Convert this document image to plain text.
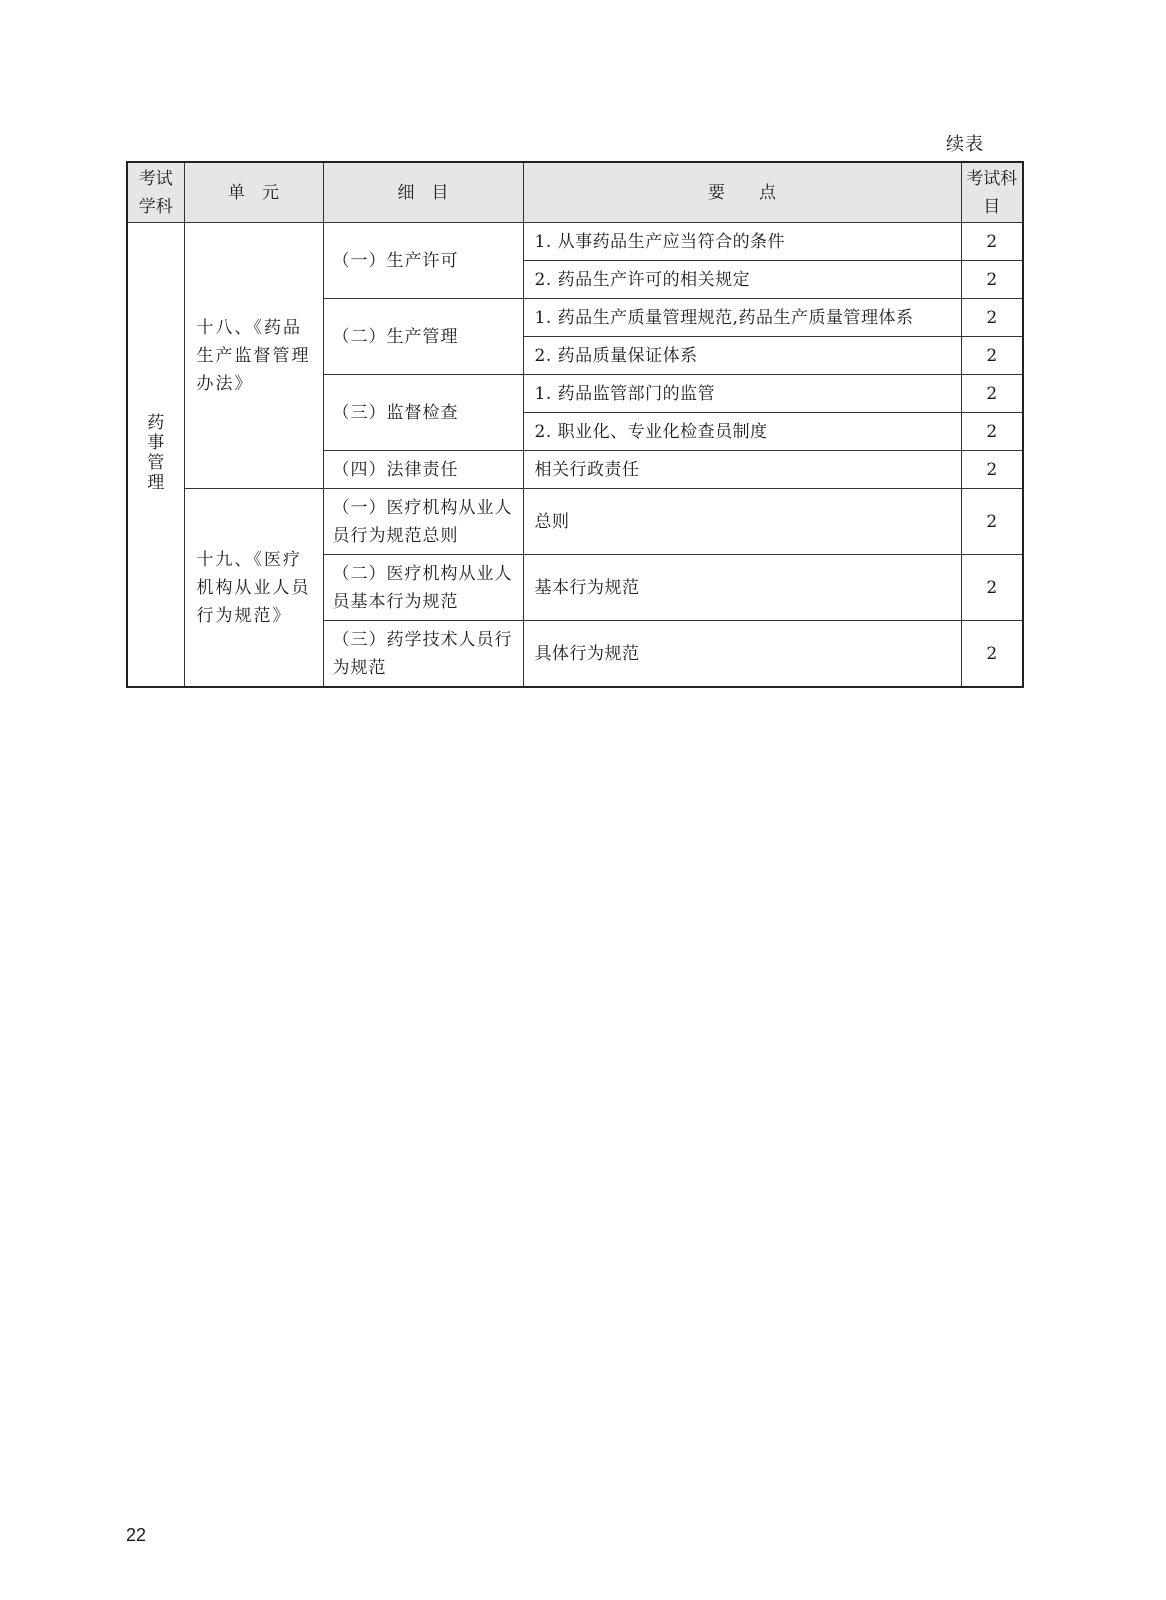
续表
考试学科	单　元	细　目	要　　点	考试科目
药事管理	十八、《药品生产监督管理办法》	（一）生产许可	1. 从事药品生产应当符合的条件	2
			2. 药品生产许可的相关规定	2
		（二）生产管理	1. 药品生产质量管理规范,药品生产质量管理体系	2
			2. 药品质量保证体系	2
		（三）监督检查	1. 药品监管部门的监管	2
			2. 职业化、专业化检查员制度	2
		（四）法律责任	相关行政责任	2
	十九、《医疗机构从业人员行为规范》	（一）医疗机构从业人员行为规范总则	总则	2
		（二）医疗机构从业人员基本行为规范	基本行为规范	2
		（三）药学技术人员行为规范	具体行为规范	2
22
